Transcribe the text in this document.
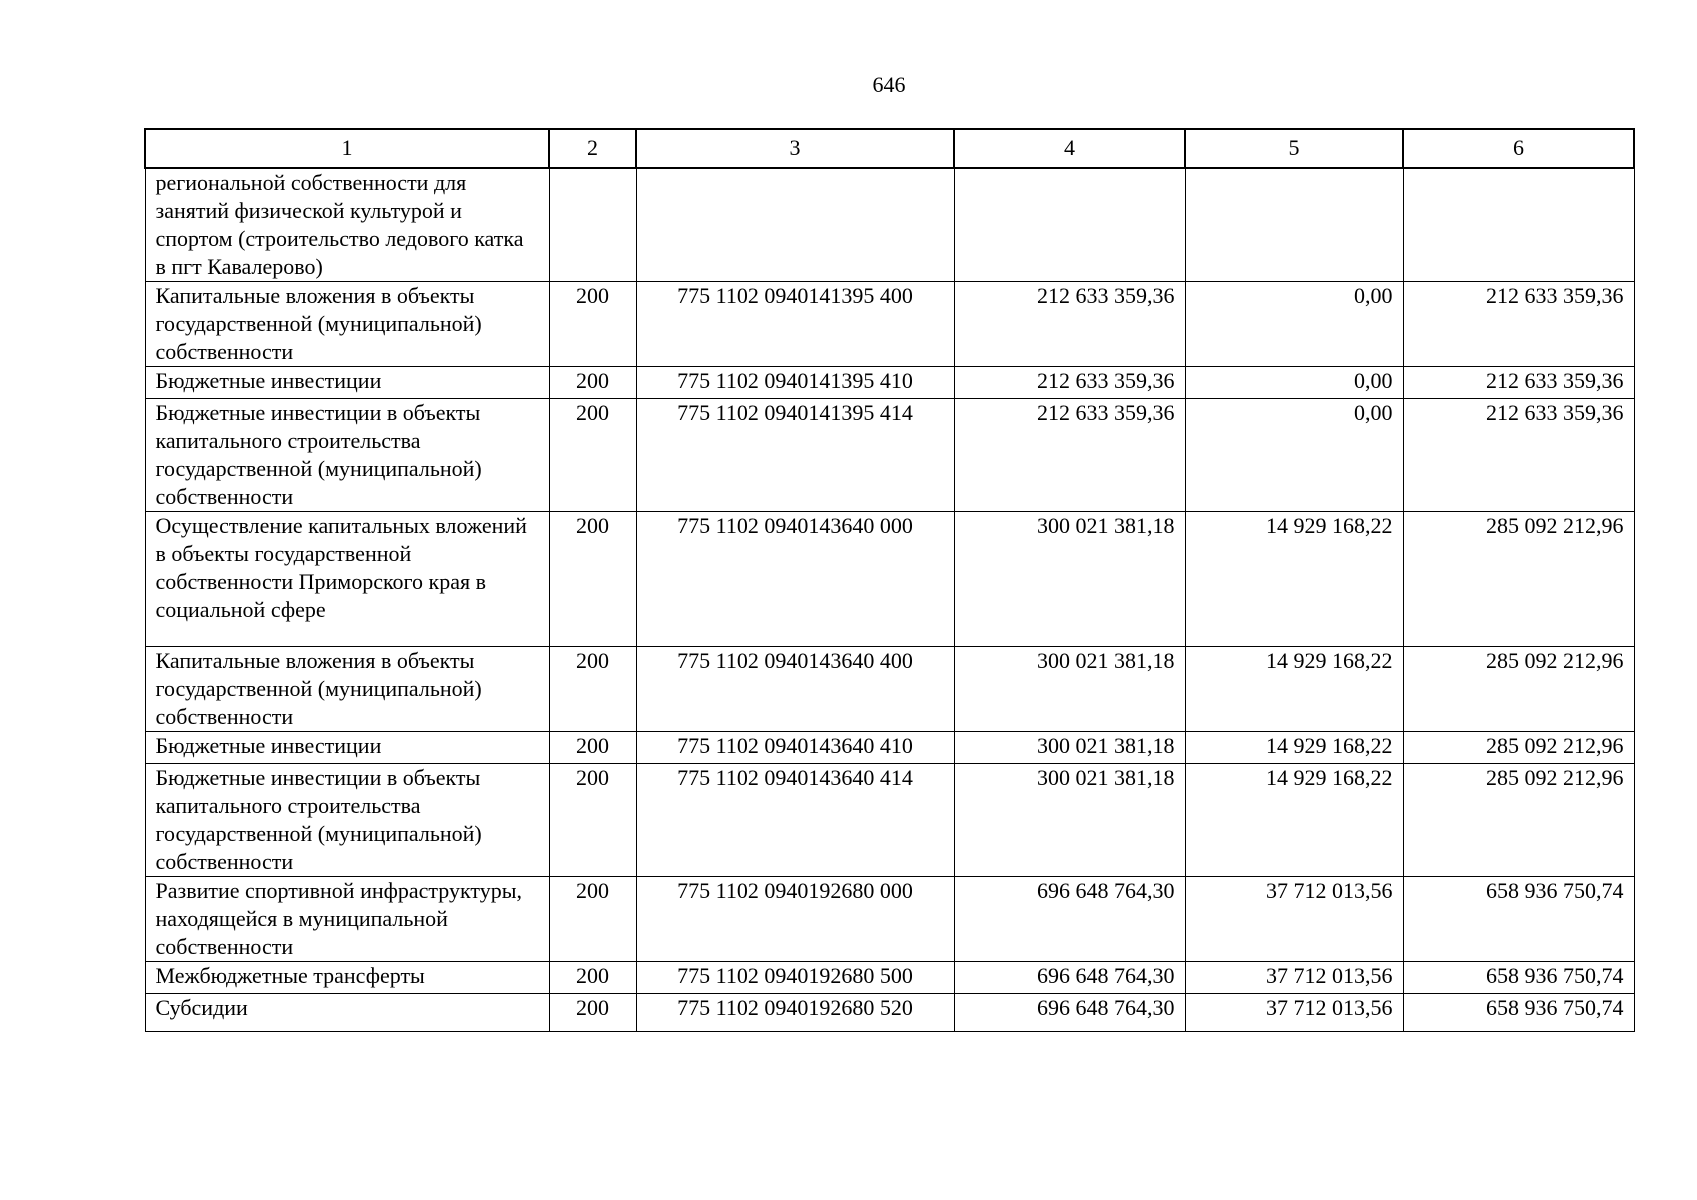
646
1	2	3	4	5	6
региональной собственности для занятий физической культурой и спортом (строительство ледового катка в пгт Кавалерово)					
Капитальные вложения в объекты государственной (муниципальной) собственности	200	775 1102 0940141395 400	212 633 359,36	0,00	212 633 359,36
Бюджетные инвестиции	200	775 1102 0940141395 410	212 633 359,36	0,00	212 633 359,36
Бюджетные инвестиции в объекты капитального строительства государственной (муниципальной) собственности	200	775 1102 0940141395 414	212 633 359,36	0,00	212 633 359,36
Осуществление капитальных вложений в объекты государственной собственности Приморского края в социальной сфере	200	775 1102 0940143640 000	300 021 381,18	14 929 168,22	285 092 212,96
Капитальные вложения в объекты государственной (муниципальной) собственности	200	775 1102 0940143640 400	300 021 381,18	14 929 168,22	285 092 212,96
Бюджетные инвестиции	200	775 1102 0940143640 410	300 021 381,18	14 929 168,22	285 092 212,96
Бюджетные инвестиции в объекты капитального строительства государственной (муниципальной) собственности	200	775 1102 0940143640 414	300 021 381,18	14 929 168,22	285 092 212,96
Развитие спортивной инфраструктуры, находящейся в муниципальной собственности	200	775 1102 0940192680 000	696 648 764,30	37 712 013,56	658 936 750,74
Межбюджетные трансферты	200	775 1102 0940192680 500	696 648 764,30	37 712 013,56	658 936 750,74
Субсидии	200	775 1102 0940192680 520	696 648 764,30	37 712 013,56	658 936 750,74
